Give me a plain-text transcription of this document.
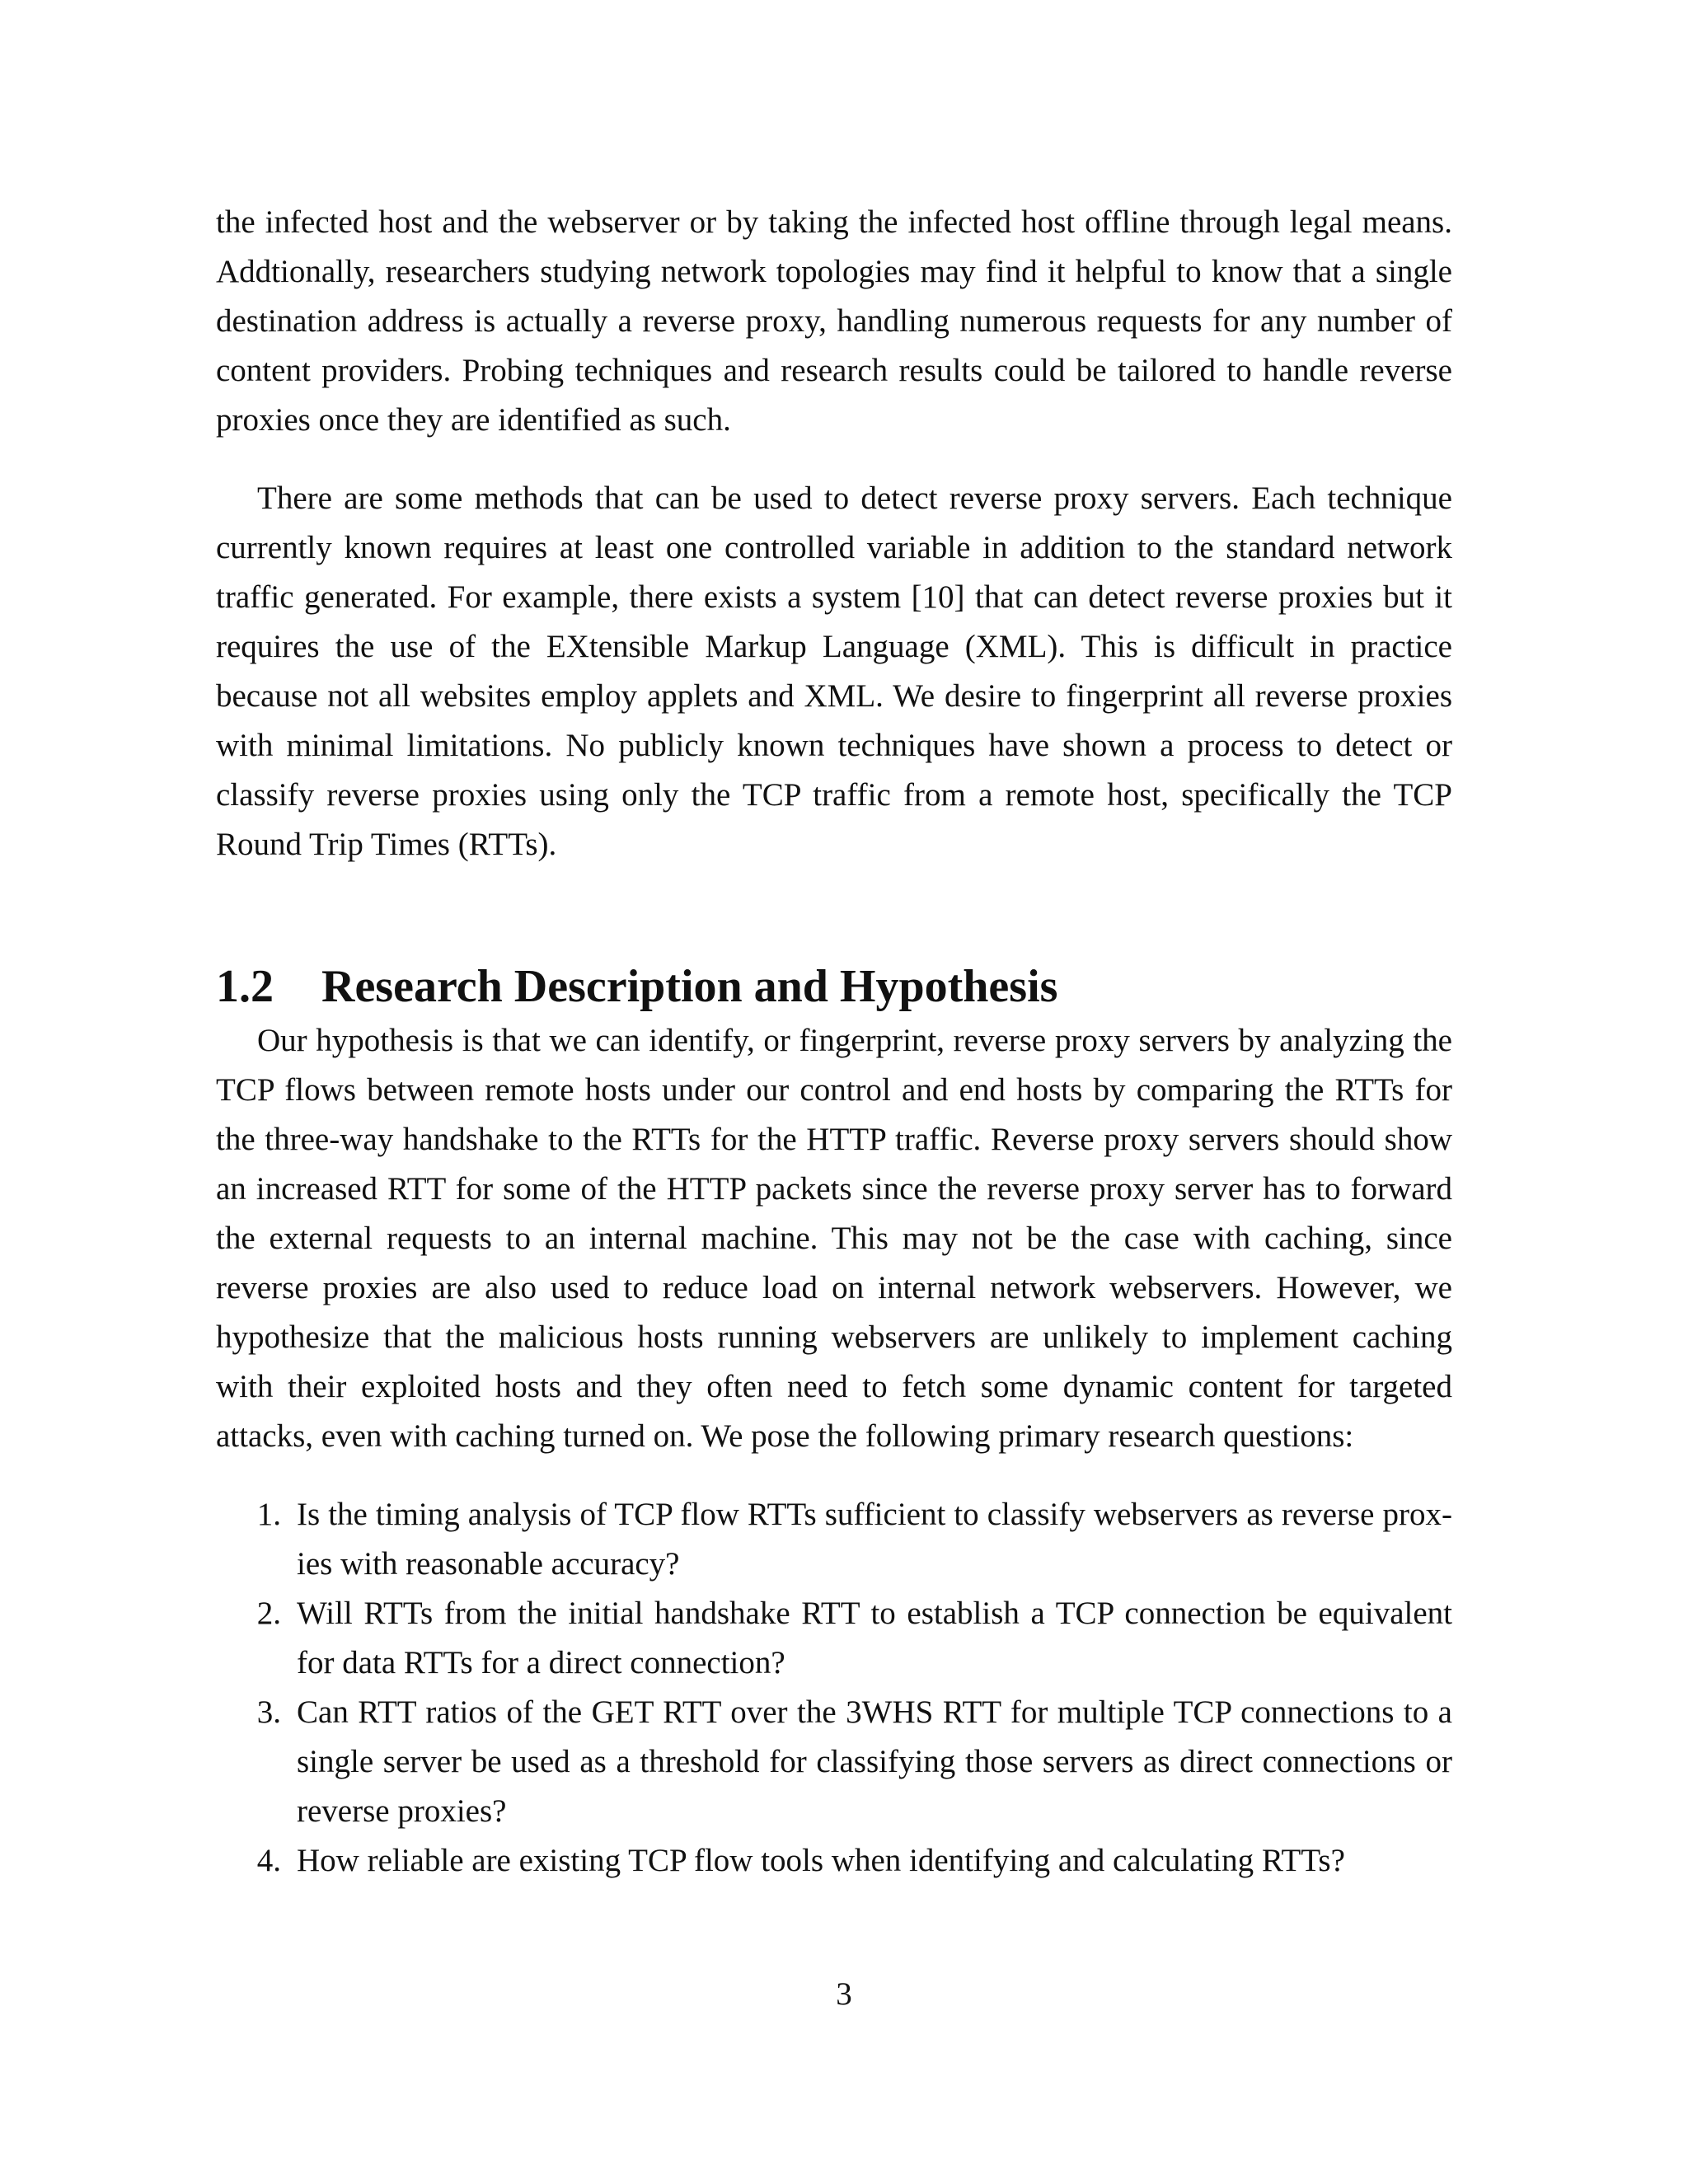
the infected host and the webserver or by taking the infected host offline through legal means. Addtionally, researchers studying network topologies may find it helpful to know that a single destination address is actually a reverse proxy, handling numerous requests for any number of content providers. Probing techniques and research results could be tailored to handle reverse proxies once they are identified as such.

There are some methods that can be used to detect reverse proxy servers. Each technique currently known requires at least one controlled variable in addition to the standard network traffic generated. For example, there exists a system [10] that can detect reverse proxies but it requires the use of the EXtensible Markup Language (XML). This is difficult in practice because not all websites employ applets and XML. We desire to fingerprint all reverse proxies with minimal limitations. No publicly known techniques have shown a process to detect or classify reverse proxies using only the TCP traffic from a remote host, specifically the TCP Round Trip Times (RTTs).

1.2	Research Description and Hypothesis

Our hypothesis is that we can identify, or fingerprint, reverse proxy servers by analyzing the TCP flows between remote hosts under our control and end hosts by comparing the RTTs for the three-way handshake to the RTTs for the HTTP traffic. Reverse proxy servers should show an increased RTT for some of the HTTP packets since the reverse proxy server has to forward the external requests to an internal machine. This may not be the case with caching, since reverse proxies are also used to reduce load on internal network webservers. However, we hypothesize that the malicious hosts running webservers are unlikely to implement caching with their exploited hosts and they often need to fetch some dynamic content for targeted attacks, even with caching turned on. We pose the following primary research questions:

1. Is the timing analysis of TCP flow RTTs sufficient to classify webservers as reverse proxies with reasonable accuracy?
2. Will RTTs from the initial handshake RTT to establish a TCP connection be equivalent for data RTTs for a direct connection?
3. Can RTT ratios of the GET RTT over the 3WHS RTT for multiple TCP connections to a single server be used as a threshold for classifying those servers as direct connections or reverse proxies?
4. How reliable are existing TCP flow tools when identifying and calculating RTTs?
3
